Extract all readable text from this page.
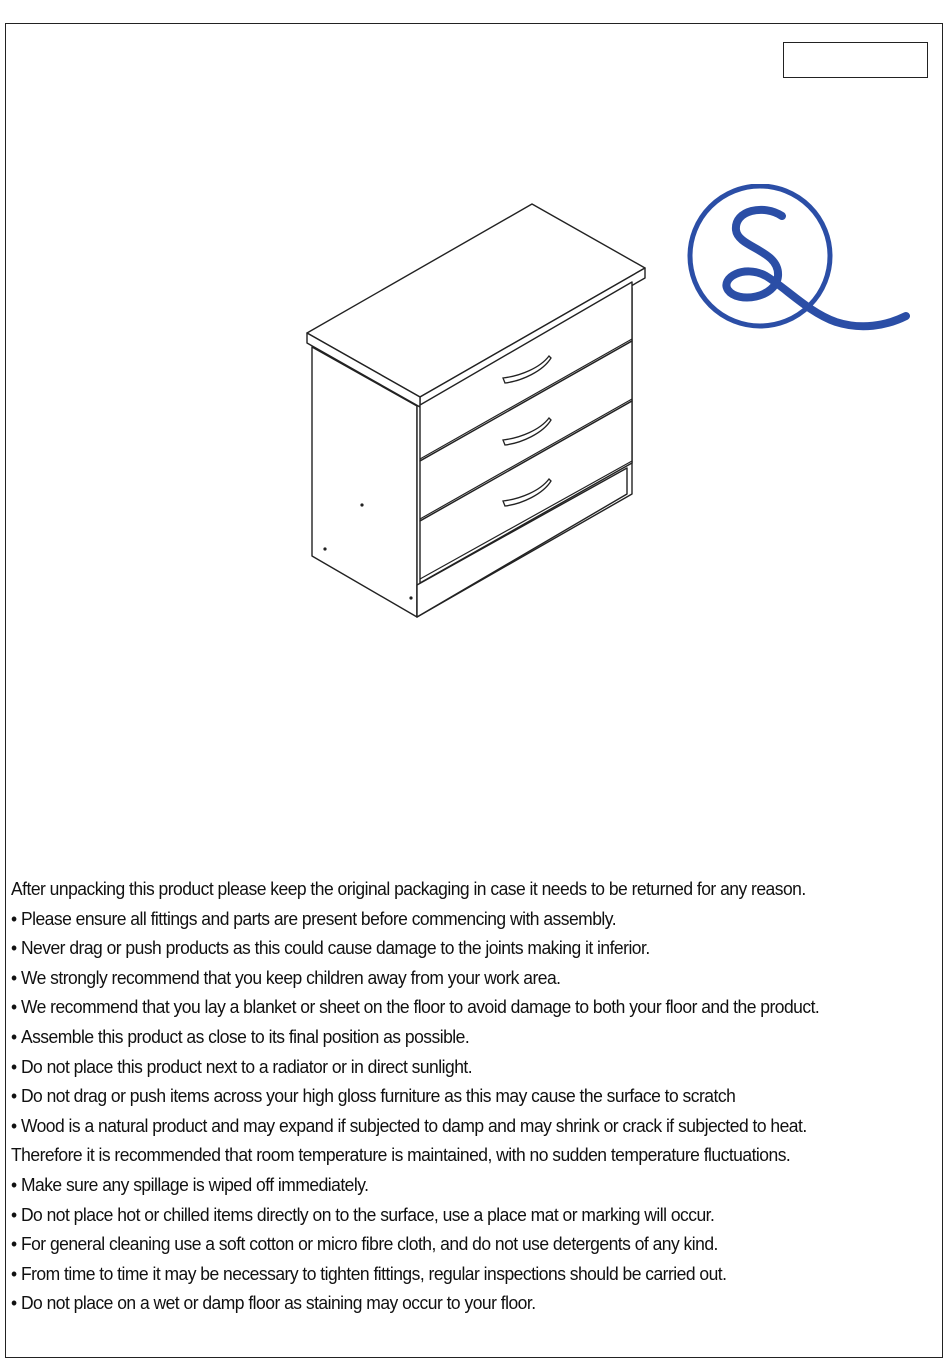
After unpacking this product please keep the original packaging in case it needs to be returned for any reason.
• Please ensure all fittings and parts are present before commencing with assembly.
• Never drag or push products as this could cause damage to the joints making it inferior.
• We strongly recommend that you keep children away from your work area.
• We recommend that you lay a blanket or sheet on the floor to avoid damage to both your floor and the product.
• Assemble this product as close to its final position as possible.
• Do not place this product next to a radiator or in direct sunlight.
• Do not drag or push items across your high gloss furniture as this may cause the surface to scratch
• Wood is a natural product and may expand if subjected to damp and may shrink or crack if subjected to heat.
Therefore it is recommended that room temperature is maintained, with no sudden temperature fluctuations.
• Make sure any spillage is wiped off immediately.
• Do not place hot or chilled items directly on to the surface, use a place mat or marking will occur.
• For general cleaning use a soft cotton or micro fibre cloth, and do not use detergents of any kind.
• From time to time it may be necessary to tighten fittings, regular inspections should be carried out.
• Do not place on a wet or damp floor as staining may occur to your floor.
